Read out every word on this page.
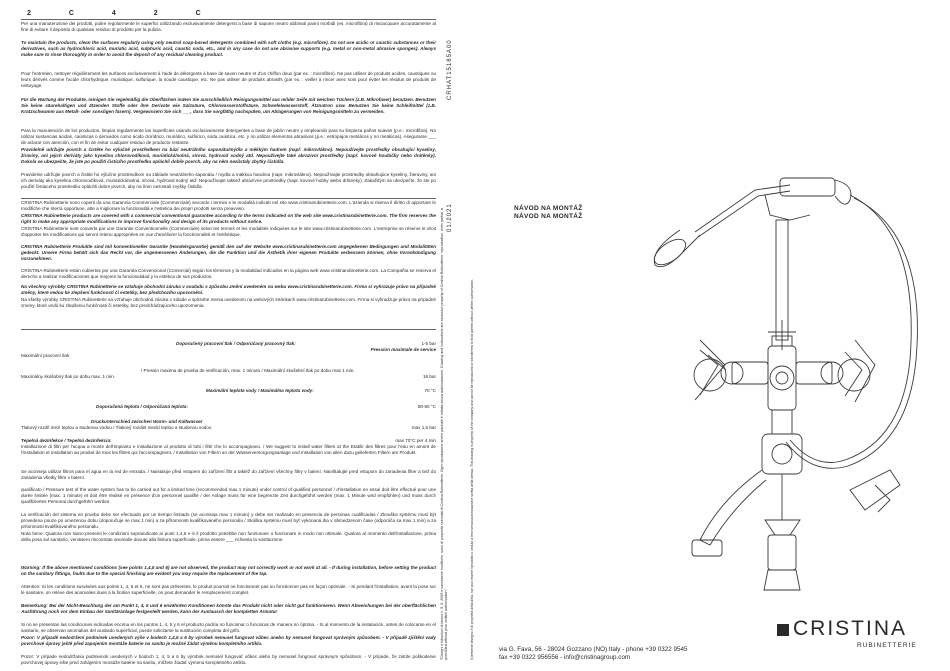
2	C	4	2	C

Per una manutenzione dei prodotti, pulire regolarmente le superfici utilizzando esclusivamente detergenti a base di sapone neutro abbinati panni morbidi (es. microfibra) di risciacquare accuratamente al fine di evitare il deposito di qualsiasi residuo di prodotto per la pulizia.

To maintain the products, clean the surfaces regularly using only neutral soap-based detergents combined with soft cloths (e.g. microfibre). Do not use acidic or caustic substances or their derivatives, such as hydrochloric acid, muriatic acid, sulphuric acid, caustic soda, etc., and in any case do not use abrasive supports (e.g. metal or non-metal abrasive sponges). Always make sure to rinse thoroughly in order to avoid the deposit of any residual cleaning product.

Pour l'entretien, nettoyer régulièrement les surfaces exclusivement à l'aide de détergents à base de savon neutre et d'un chiffon doux (par ex. : microfibre). Ne pas utiliser de produits acides, caustiques ou leurs dérivés comme l'acide chlorhydrique, muriatique, sulfurique, la soude caustique, etc. Ne pas utiliser de produits abrasifs (par ex. : veiller à rincer avec soin pour éviter les résidus de produits de nettoyage.

Für die Wartung der Produkte, reinigen Sie regelmäßig die Oberflächen indem Sie ausschließlich Reinigungsmittel aus milder Seife mit weichen Tüchern (z.B. Mikrofaser) benutzen. Benutzen Sie keine säurehaltigen und ätzenden Stoffe oder ihre Derivate wie Salzsäure, Chlorwasserstoffsäure, Schwefelwasserstoff, Ätznatron usw. Benutzen Sie keine Schleifmittel (z.B. Kratzschwamm aus Metall- oder sonstigen fasern). Vergewissern Sie sich ___, dass Sie sorgfältig nachspülen, um Ablagerungen von Reinigungsmitteln zu vermeiden.

Para la manutención de los productos, limpiar regularmente las superficies usando exclusivamente detergentes a base de jabón neutro y empleando para su limpieza paños suaves (p.e.: microfibra). No utilizar sustancias ácidas, caústicas o derivados como ácido clorídrico, muriático, sulfúrico, soda caústica, etc. y no utilizar elementos abrasivos (p.e.: estropajos metálicos y no metálicos). Asegurarse ___ de aclarar con atención, con el fin de evitar cualquier residuo de producto restante.

Pravidelně udržujte povrch a čistěte ho výlučně prostředkem na bázi neutrálního saponátu/mýdla a měkkým hadrem (např. mikrovlákno). Nepoužívejte prostředky obsahující kyseliny, žíraviny, ani jejich deriváty jako kyselina chlorovodíková, muriatická/solná, sírová, hydroxid sodný atd. Nepoužívejte také abrazivní prostředky (např. kovové houbičky nebo drátěnky). Dokola se ubezpečte, že jste po použití čisticího prostředku opláchli dobře povrch, aby na něm nezůstaly zbytky čistidla.

Pravidelne udržujte povrch a čistite ho výlučne prostriedkom na základe neutrálneho saponátu / mydla a mäkkou handrou (napr. mikrovlákno). Nepoužívajte prostriedky obsahujúce kyseliny, žieraviny, ani ich deriváty ako kyselina chlorovodíková, muriatická/solná, sírová, hydroxid sodný atď. Nepoužívajte taktiež abrazívne prostriedky (napr. kovové hubky alebo drôtenky). Zakaždým sa ubezpečte, že ste po použití čistiaceho prostriedku opláchli dobre povrch, aby na ňom nezostali zvyšky čistidla.

CRISTINA Rubinetterie sono coperti da una Garanzia Commerciale (Commerciale) secondo i termini e le modalità indicati nel sito www.cristinarubinetterie.com. L'azienda si riserva il diritto di apportare le modifiche che riterrà opportune, atte a migliorare la funzionalità e l'estetica dei propri prodotti senza preavviso.

CRISTINA Rubinetterie products are covered with a commercial conventional guarantee according to the terms indicated on the web site www.cristinarubinetterie.com. The firm reserves the right to make any appropriate modifications to improve functionality and design of its products without notice.

CRISTINA Rubinetterie sont couverts par une Garantie Conventionnelle (Commerciale) selon les termes et les modalités indiquées sur le site www.cristinarubinetterie.com. L'entreprise se réserve le droit d'apporter les modifications qui seront retenu appropriées en vue d'améliorer la fonctionnalité et l'esthétique.

CRISTINA Rubinetterie Produkte sind mit konventioneller Garantie (Handelsgarantie) gemäß den auf der Website www.cristinarubinetterie.com angegebenen Bedingungen und Modalitäten gedeckt. Unsere Firma behält sich das Recht vor, die angemessenen Änderungen, die die Funktion und die Ästhetik ihrer eigenen Produkte verbessern können, ohne Vorankündigung vorzunehmen.

CRISTINA Rubinetterie están cubiertos por una Garantía Convencional (Comercial) según los términos y la modalidad indicados en la página web www.cristinarubinetterie.com. La Compañía se reserva el derecho a realizar modificaciones que mejoren la funcionalidad y la estética de sus productos.

Na všechny výrobky CRISTINA Rubinetterie se vztahuje obchodní záruka v souladu s způsobu změní uvedeném na webu www.cristinarubinetterie.com. Firma si vyhrazuje právo na případné změny, které vedou ke zlepšení funkčnosti či estetiky, bez předchozího upozornění.

Na všetky výrobky CRISTINA Rubinetterie sa vzťahuje obchodná záruka v súlade a spôsobe menia uvedenom na webových stránkach www.cristinarubinetterie.com. Firma si vyhradzuje právo na prípadné zmeny, ktoré vedú ku zlepšeniu funkčnosti či estetiky, bez predchádzajúceho upozornenia.

Doporučený pracovní tlak / Odporúčaný pracovný tlak:	1-5 bar
Pression maximale de service
Maximální pracovní tlak
/ Pressin maxima de prueba de verificación, max. 1 minuto / Maximální zkušební tlak po dobu max 1 min.
Maximálny skúšobný tlak po dobu max. 1 min.	16 bar
Maximální teplota vody / Maximálna teplota vody:	70 °C
Doporučená teplota / Odporúčaná teplota:	50-60 °C
Druckunterschied zwischen Warm- und Kaltwasser
Tlakový rozdíl mezi teplou a studenou vodou / Tlakový rozdiel medzi teplou a studenou vodou	max 1,5 bar
Tepelná dezinfekce / Tepelná dezinfekcia:	max 70°C per 4 min

Installazione di filtri per l'acqua a monte dell'impianto e installazione al prodotto di tutti i filtri che lo accompagnano. / We suggest to install water filters at the Etablir des filtres pour l'eau en amont de l'installation et installation au produit de tous les filtres qui l'accompagnent. / Installation von Filtern an der Wasserversorgungsanlage und Installation von allen dazu gelieferten Filtern am Produkt.

Se aconseja utilizar filtros para el agua en la red de entrada. / Naistaluje před vstupem do zařízení filtr a taktéž do zařízení všechny filtry v balení. Nainštalujte pred vstupom do zariadenia filter a tiež do zariadenia všetky filtre v balení.

qualificato / Pressure test of the water system has to be carried out for a limited time (recommended max 1 minute) under control of qualified personnel / d'installation en essai doit être effectué pour une durée limitée (max. 1 minute) et doit être réalisé en présence d'un personnel qualifié / der Anlage muss für eine begrenzte Zeit durchgeführt werden (max. 1 Minute wird empfohlen) und muss durch qualifiziertes Personal durchgeführt werden.

La verificación del sistema en prueba debe ser efectuado por un tiempo limitado (se aconseja max 1 minuto) y debe ser realizado en presencia de personas cualificadas / Zkouška systému musí být provedena pouze po omezenou dobu (doporučuje se max 1 min) a za přítomnosti kvalifikovaného personálu / Skúška systému musí byť vykonaná iba v obmedzenom čase (odporúča sa max 1 min) a za prítomnosti kvalifikovaného personálu.

Nota bene: Qualora non siano presenti le condizioni sopraindicate ai punti 1,4,5 e 6 il prodotto potrebbe non funzionare o funzionare in modo non ottimale. Qualora al momento dell'installazione, prima della posa sul sanitario, venissero riscontrate anomalie dovute alla finitura superficiale, prima essere ___ richiesta la sostituzione.

Warning: If the above mentioned conditions (see points 1,4,5 and 6) are not observed, the product may not correctly work or not work at all. - If during installation, before setting the product on the sanitary fittings, faults due to the special finishing are evident you may require the replacement of the tap.

Attention: Si les conditions susvisées aux points 1, 4, 5 et 6, ne sont pas présentes, le produit pourrait ne fonctionner pas ou fonctionner pas en façon optimale. - Si pendant l'installation, avant la pose sur le sanitaire, on relève des anomalies dues à la finition superficielle, on peut demander le remplacement complet.

Bemerkung: Bei der Nicht-Beachtung der am Punkt 1, 4, 5 und 6 erwähnten Konditionen könnte das Produkt nicht oder nicht gut funktionieren. Wenn Abweichungen bei der oberflächlichen Ausführung noch vor dem Einbau der Sanitäranlage festgestellt werden, kann der Austausch der kompletten Armatur

Si no se presentan las condiciones indicadas encima en los puntos 1, 4, 5 y 6 el producto podría no funcionar o funcionar de manera no óptima. - Si al momento de la instalación, antes de colocarse en el sanitario, se observan anomalías del acabado superficial, puede solicitarse la sustitución completa del grifo.

Pozor: V případě nedodržení podmínek uvedených výše v bodech 1,4,5 a 6 by výrobek nemusel fungovat vůbec anebo by nemusel fungovat správným způsobem. - V případě zjištění vady povrchové úpravy ještě před zapojením montáže baterie na sanitu je možné žádat výměnu kompletního artiklu.

Pozor: V prípade nedodržania podmienok uvedených v bodoch 1, 4, 5 a 6 by výrobok nemusel fungovať vôbec alebo by nemusel fungovať správnym spôsobom. - V prípade, že zistíte poškodenie povrchovej úpravy ešte pred zahájením montáže batérie na sanitu, môžete žiadať výmenu kompletného artiklu.

01/2021
CRHAT15185A00
"Disegni e Istruzioni di lavoro n. 5, 6, 2009 e successive modifiche, sono di proprietà riservata di Cristina Rubinetterie. Ogni riproduzione anche parziale è vietata senza autorizzazione. Drawing and instructions are exclusive property of Cristina Rubinetterie; reproduction, even partial, is prohibited without prior written authorization."	Il presente disegno è di proprietà della ditta, non può essere riprodotto o ceduto a terzi senza autorizzazione scritta della stessa. This drawing is property of the company and cannot be reproduced or transferred to third parties without written authorisation.
NÁVOD NA MONTÁŽ
NÁVOD NA MONTÁŽ
CRISTINA
RUBINETTERIE
via G. Fava, 56 - 28024 Gozzano (NO) Italy - phone +39 0322 9545
fax +39 0322 956556 - info@cristinagroup.com
